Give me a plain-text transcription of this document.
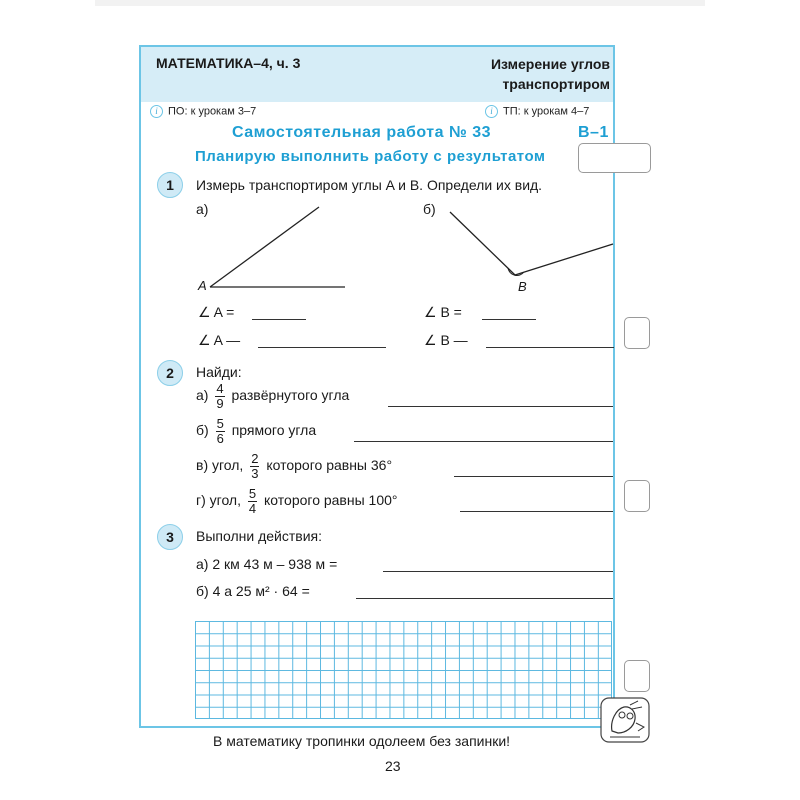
МАТЕМАТИКА–4, ч. 3	Измерение углов
транспортиром
i ПО: к урокам 3–7	i ТП: к урокам 4–7
Самостоятельная работа № 33	В–1
Планирую выполнить работу с результатом
1	Измерь транспортиром углы A и B. Определи их вид.
а)	б)
A	B
∠ A =
∠ A —
∠ B =
∠ B —
2	Найди:
$а) \frac{4}{9}$ развёрнутого угла
$б) \frac{5}{6}$ прямого угла
в) угол, $\frac{2}{3}$ которого равны 36°
г) угол, $\frac{5}{4}$ которого равны 100°
3	Выполни действия:
а) 2 км 43 м – 938 м =
б) 4 а 25 м² · 64 =
В математику тропинки одолеем без запинки!
23
